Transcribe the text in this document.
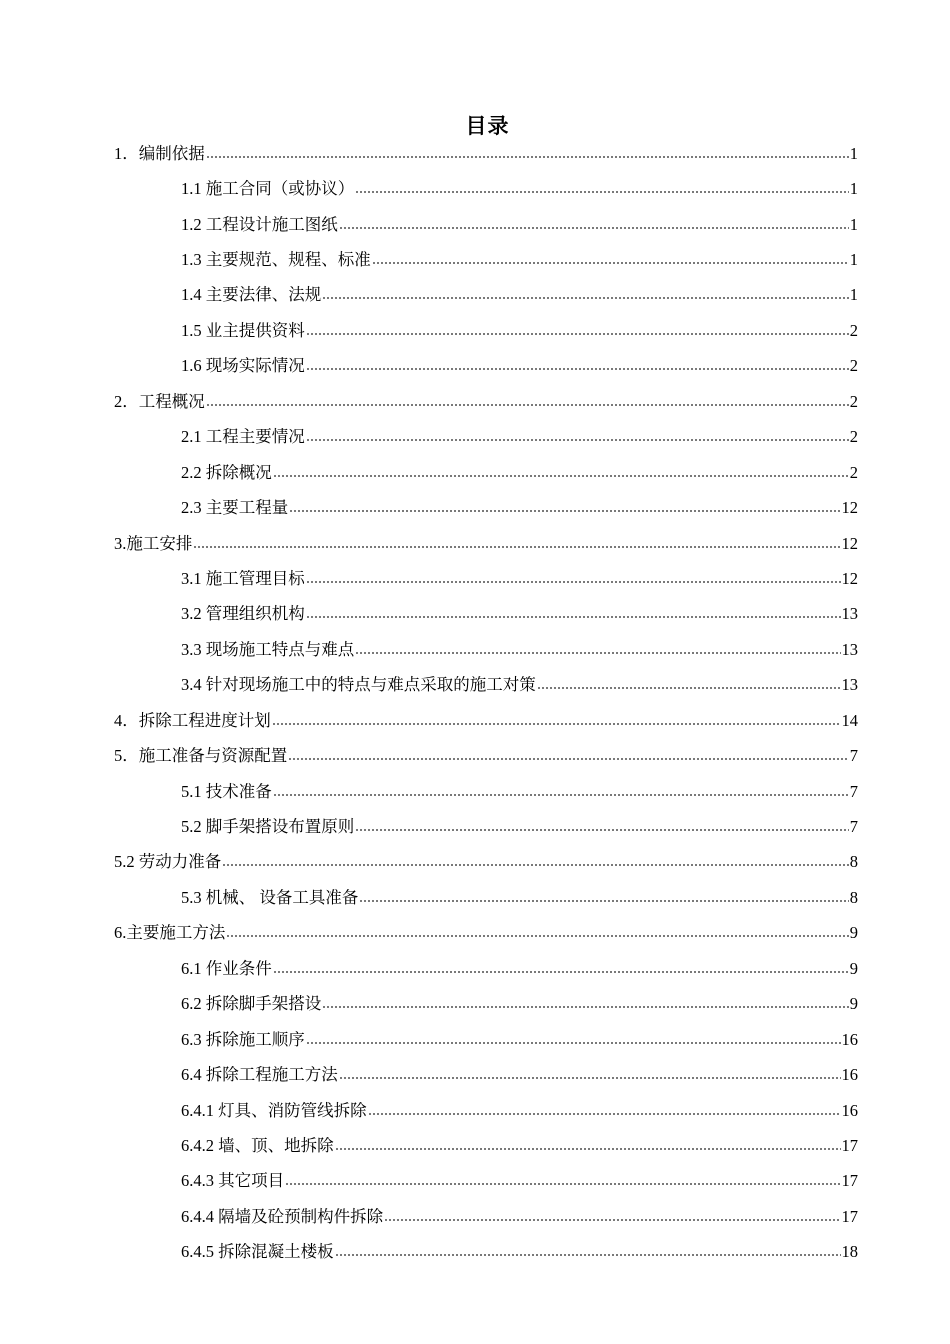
目录
1．编制依据	1
1.1 施工合同（或协议）	1
1.2 工程设计施工图纸	1
1.3 主要规范、规程、标准	1
1.4 主要法律、法规	1
1.5 业主提供资料	2
1.6 现场实际情况	2
2．工程概况	2
2.1 工程主要情况	2
2.2 拆除概况	2
2.3 主要工程量	12
3.施工安排	12
3.1 施工管理目标	12
3.2 管理组织机构	13
3.3 现场施工特点与难点	13
3.4 针对现场施工中的特点与难点采取的施工对策	13
4．拆除工程进度计划	14
5．施工准备与资源配置	7
5.1 技术准备	7
5.2 脚手架搭设布置原则	7
5.2 劳动力准备	8
5.3 机械、 设备工具准备	8
6.主要施工方法	9
6.1 作业条件	9
6.2 拆除脚手架搭设	9
6.3 拆除施工顺序	16
6.4 拆除工程施工方法	16
6.4.1 灯具、消防管线拆除	16
6.4.2 墙、顶、地拆除	17
6.4.3 其它项目	17
6.4.4 隔墙及砼预制构件拆除	17
6.4.5 拆除混凝土楼板	18
